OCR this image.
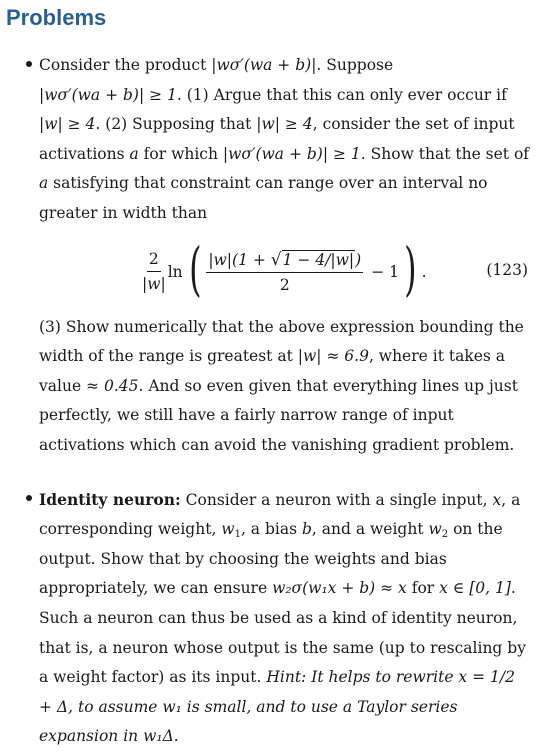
Problems
Consider the product |wσ′(wa + b)|. Suppose
|wσ′(wa + b)| ≥ 1. (1) Argue that this can only ever occur if
|w| ≥ 4. (2) Supposing that |w| ≥ 4, consider the set of input activations a for which |wσ′(wa + b)| ≥ 1. Show that the set of a satisfying that constraint can range over an interval no greater in width than
$\frac{2}{|w|}$ ln ( $\frac{|w|(1 + √ 1 - 4/|w| )}{2} - 1$ ) .	(123)
(3) Show numerically that the above expression bounding the width of the range is greatest at |w| ≈ 6.9, where it takes a value ≈ 0.45. And so even given that everything lines up just perfectly, we still have a fairly narrow range of input activations which can avoid the vanishing gradient problem.
Identity neuron: Consider a neuron with a single input, x, a corresponding weight, $w_1$, a bias b, and a weight $w_2$ on the output. Show that by choosing the weights and bias appropriately, we can ensure w₂σ(w₁x + b) ≈ x for x ∈ [0, 1]. Such a neuron can thus be used as a kind of identity neuron, that is, a neuron whose output is the same (up to rescaling by a weight factor) as its input. Hint: It helps to rewrite x = 1/2 + Δ, to assume w₁ is small, and to use a Taylor series expansion in w₁Δ.
